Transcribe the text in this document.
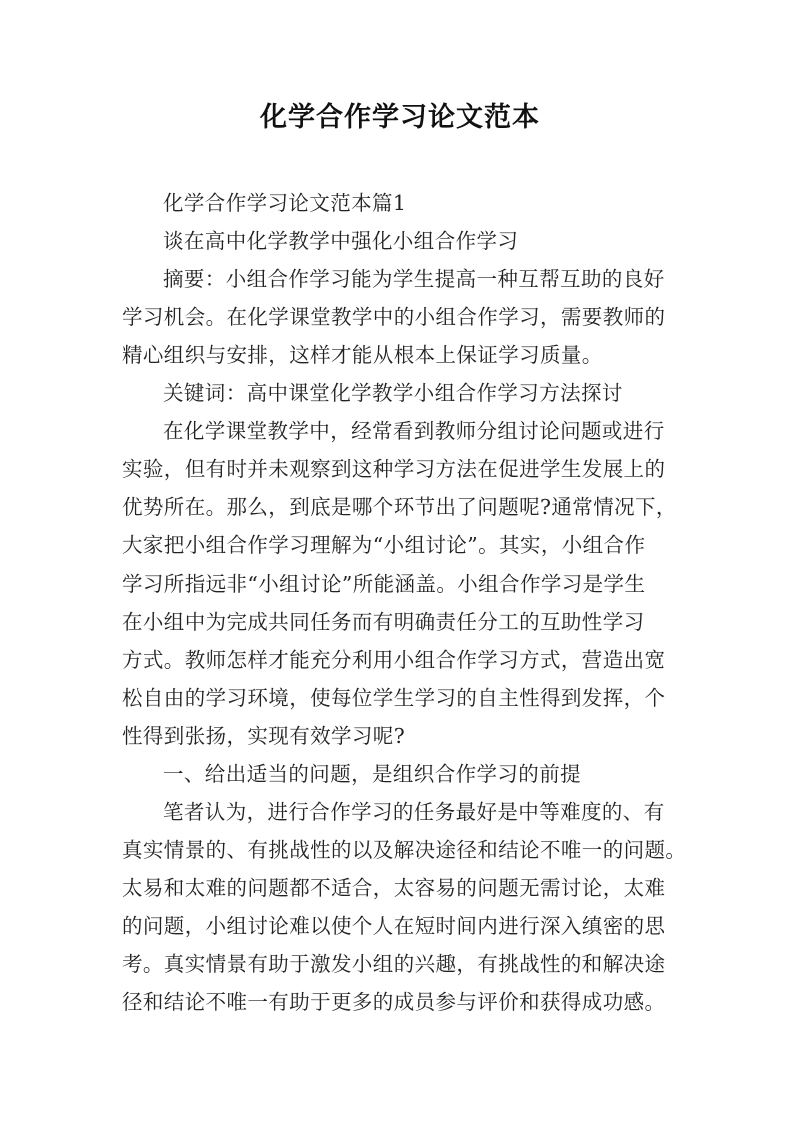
化学合作学习论文范本
化学合作学习论文范本篇1
谈在高中化学教学中强化小组合作学习
摘要：小组合作学习能为学生提高一种互帮互助的良好
学习机会。在化学课堂教学中的小组合作学习，需要教师的
精心组织与安排，这样才能从根本上保证学习质量。
关键词：高中课堂化学教学小组合作学习方法探讨
在化学课堂教学中，经常看到教师分组讨论问题或进行
实验，但有时并未观察到这种学习方法在促进学生发展上的
优势所在。那么，到底是哪个环节出了问题呢?通常情况下，
大家把小组合作学习理解为“小组讨论”。其实，小组合作
学习所指远非“小组讨论”所能涵盖。小组合作学习是学生
在小组中为完成共同任务而有明确责任分工的互助性学习
方式。教师怎样才能充分利用小组合作学习方式，营造出宽
松自由的学习环境，使每位学生学习的自主性得到发挥，个
性得到张扬，实现有效学习呢?
一、给出适当的问题，是组织合作学习的前提
笔者认为，进行合作学习的任务最好是中等难度的、有
真实情景的、有挑战性的以及解决途径和结论不唯一的问题。
太易和太难的问题都不适合，太容易的问题无需讨论，太难
的问题，小组讨论难以使个人在短时间内进行深入缜密的思
考。真实情景有助于激发小组的兴趣，有挑战性的和解决途
径和结论不唯一有助于更多的成员参与评价和获得成功感。
